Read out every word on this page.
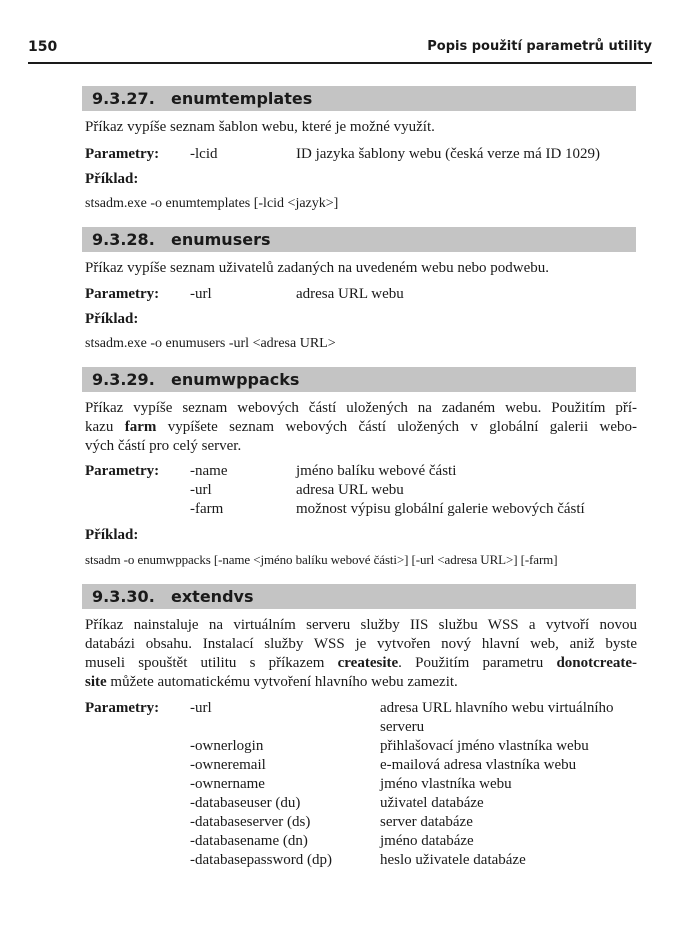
150	Popis použití parametrů utility
9.3.27. enumtemplates
Příkaz vypíše seznam šablon webu, které je možné využít.
Parametry: -lcid	ID jazyka šablony webu (česká verze má ID 1029)
Příklad:
stsadm.exe -o enumtemplates [-lcid <jazyk>]
9.3.28. enumusers
Příkaz vypíše seznam uživatelů zadaných na uvedeném webu nebo podwebu.
Parametry: -url	adresa URL webu
Příklad:
stsadm.exe -o enumusers -url <adresa URL>
9.3.29. enumwppacks
Příkaz vypíše seznam webových částí uložených na zadaném webu. Použitím pří-
kazu farm vypíšete seznam webových částí uložených v globální galerii webo-
vých částí pro celý server.
Parametry: -name	jméno balíku webové části
-url	adresa URL webu
-farm	možnost výpisu globální galerie webových částí
Příklad:
stsadm -o enumwppacks [-name <jméno balíku webové části>] [-url <adresa URL>] [-farm]
9.3.30. extendvs
Příkaz nainstaluje na virtuálním serveru služby IIS službu WSS a vytvoří novou
databázi obsahu. Instalací služby WSS je vytvořen nový hlavní web, aniž byste
museli spouštět utilitu s příkazem createsite. Použitím parametru donotcreate-
site můžete automatickému vytvoření hlavního webu zamezit.
Parametry: -url	adresa URL hlavního webu virtuálního
serveru
-ownerlogin	přihlašovací jméno vlastníka webu
-owneremail	e-mailová adresa vlastníka webu
-ownername	jméno vlastníka webu
-databaseuser (du)	uživatel databáze
-databaseserver (ds)	server databáze
-databasename (dn)	jméno databáze
-databasepassword (dp)	heslo uživatele databáze
